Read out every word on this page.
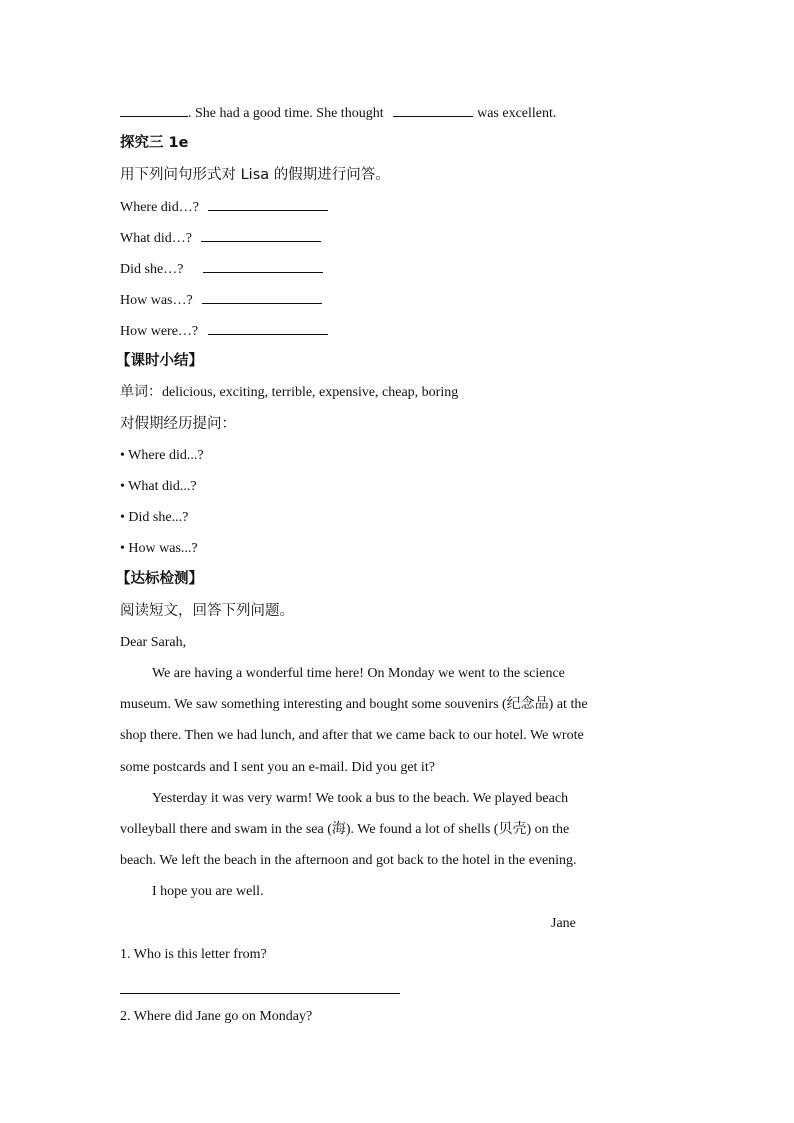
. She had a good time. She thought	was excellent.
探究三 1e
用下列问句形式对 Lisa 的假期进行问答。
Where did…?
What did…?
Did she…?
How was…?
How were…?
【课时小结】
单词：delicious, exciting, terrible, expensive, cheap, boring
对假期经历提问：
• Where did...?
• What did...?
• Did she...?
• How was...?
【达标检测】
阅读短文，回答下列问题。
Dear Sarah,
We are having a wonderful time here! On Monday we went to the science
museum. We saw something interesting and bought some souvenirs (纪念品) at the
shop there. Then we had lunch, and after that we came back to our hotel. We wrote
some postcards and I sent you an e-mail. Did you get it?
Yesterday it was very warm! We took a bus to the beach. We played beach
volleyball there and swam in the sea (海). We found a lot of shells (贝壳) on the
beach. We left the beach in the afternoon and got back to the hotel in the evening.
I hope you are well.
Jane
1. Who is this letter from?
2. Where did Jane go on Monday?
